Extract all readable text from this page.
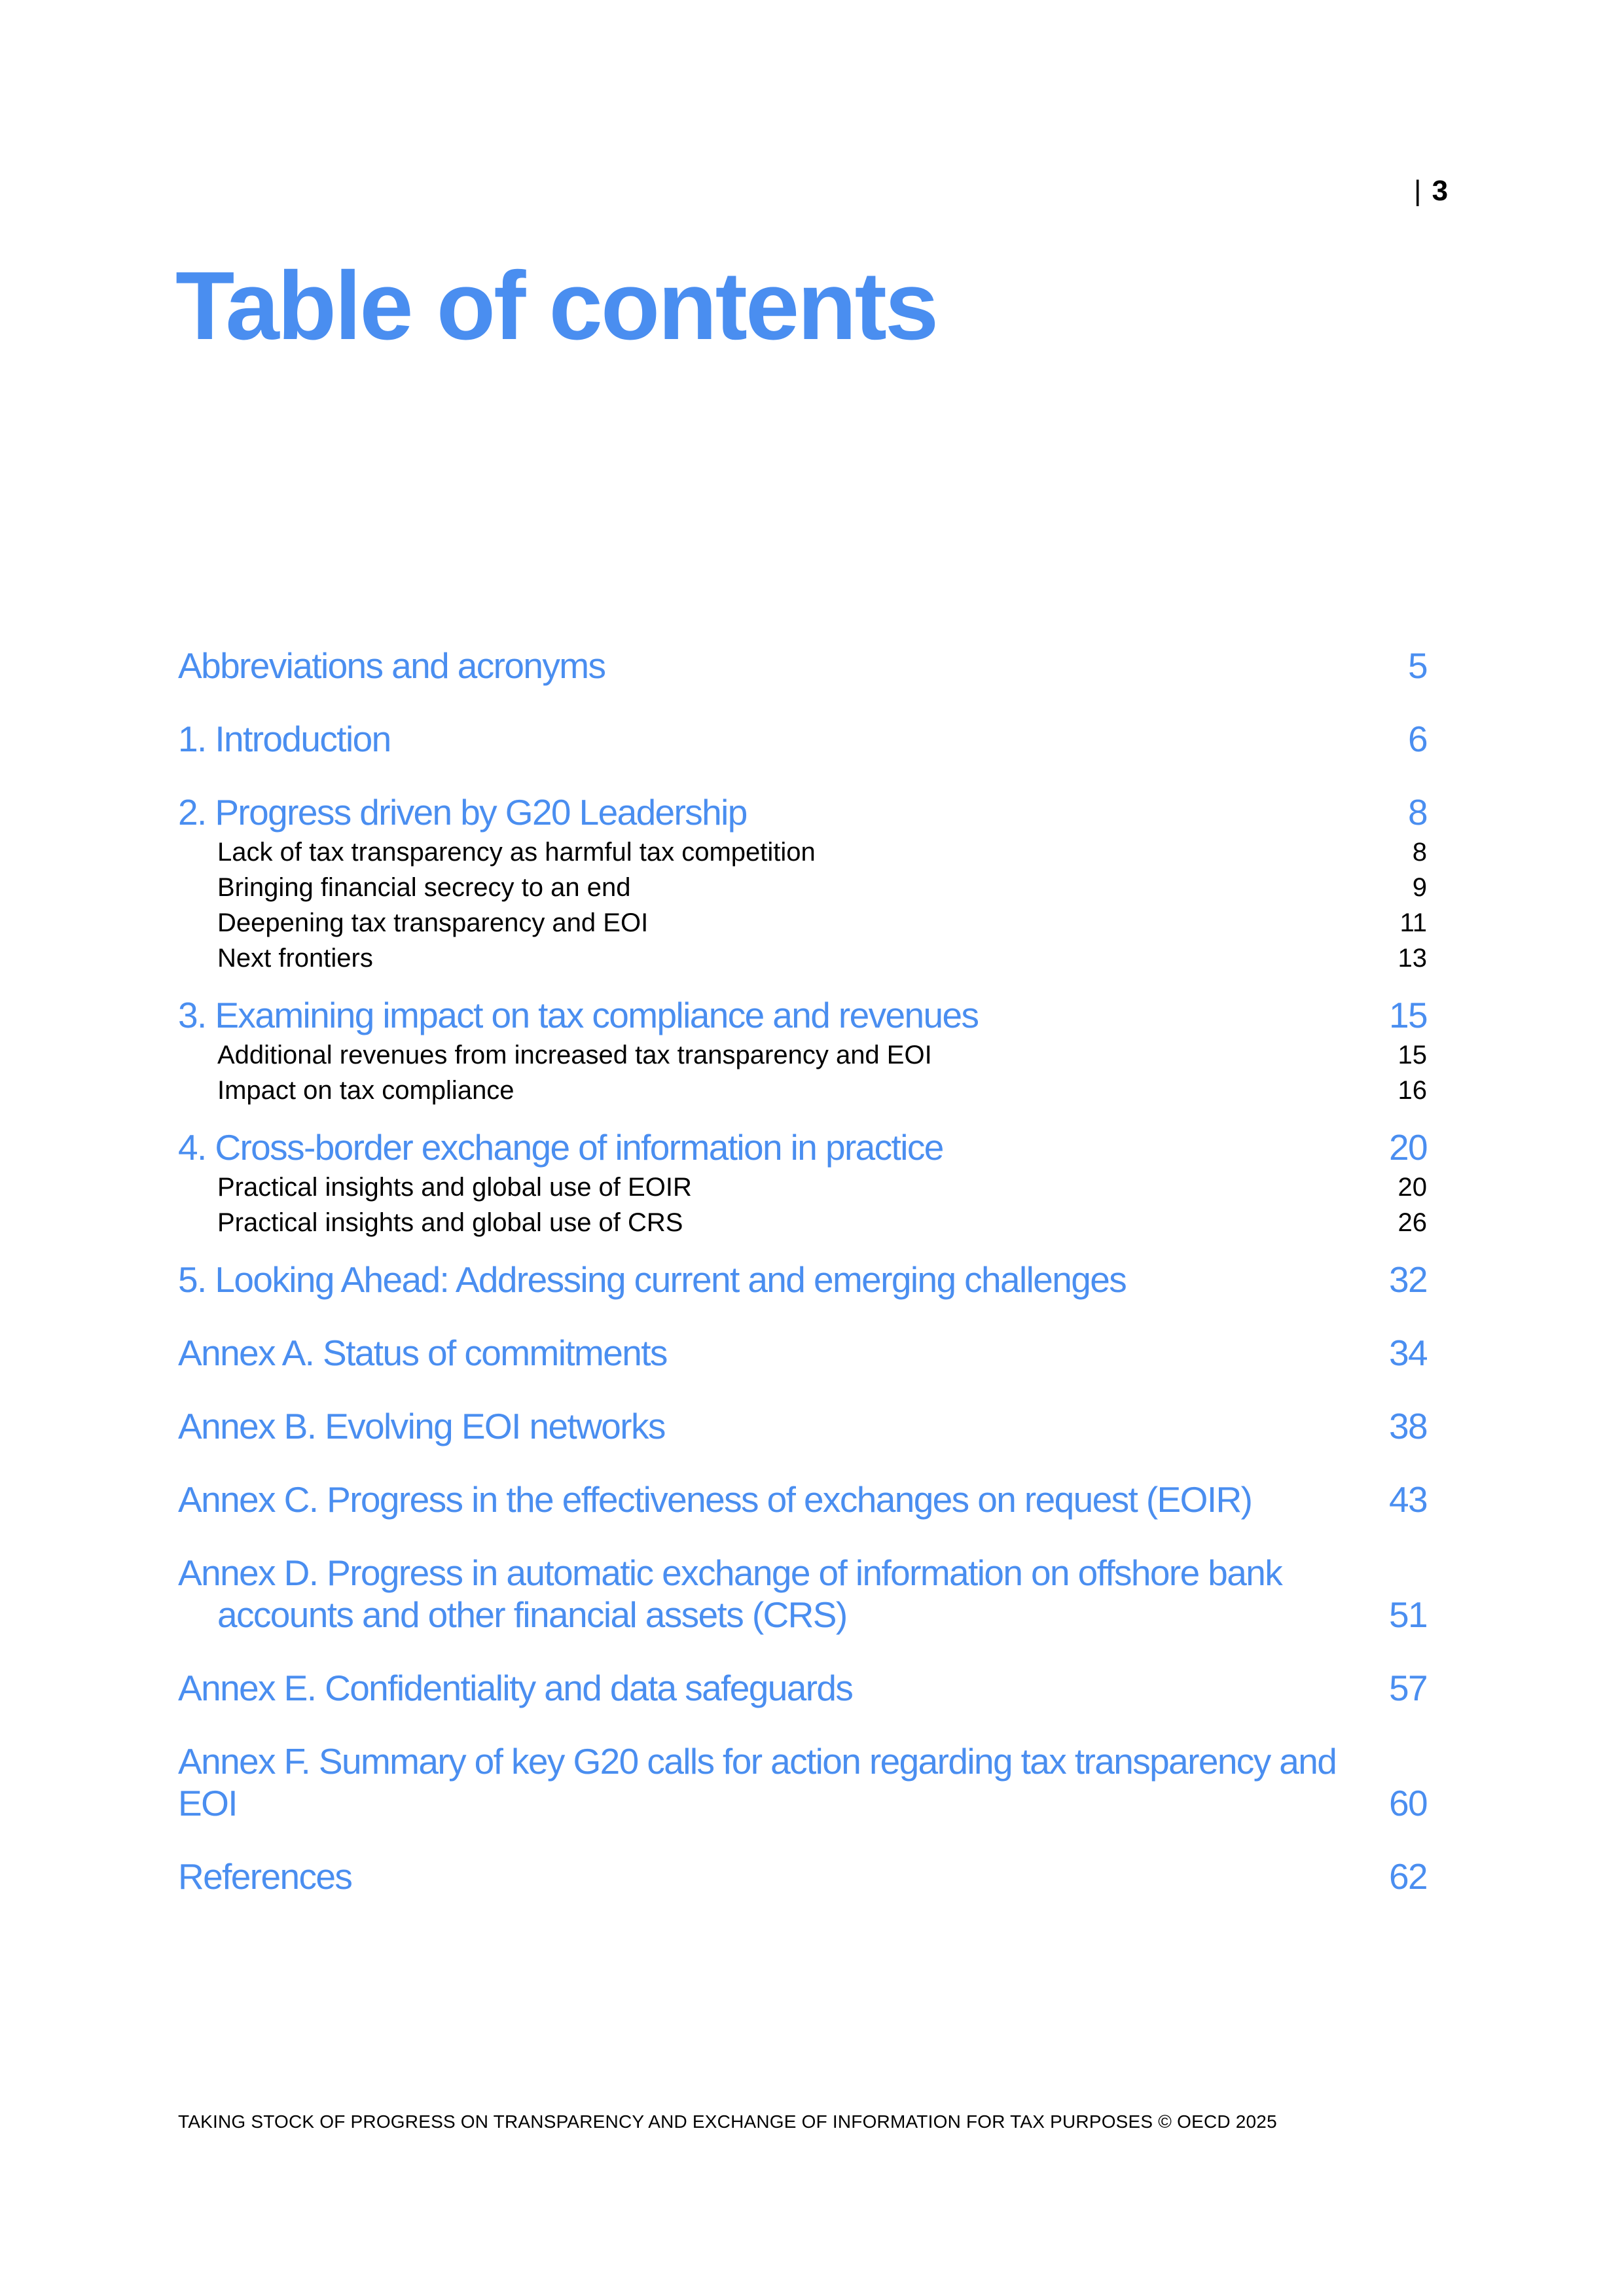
| 3
Table of contents
Abbreviations and acronyms	5
1. Introduction	6
2. Progress driven by G20 Leadership	8
Lack of tax transparency as harmful tax competition	8
Bringing financial secrecy to an end	9
Deepening tax transparency and EOI	11
Next frontiers	13
3. Examining impact on tax compliance and revenues	15
Additional revenues from increased tax transparency and EOI	15
Impact on tax compliance	16
4. Cross-border exchange of information in practice	20
Practical insights and global use of EOIR	20
Practical insights and global use of CRS	26
5. Looking Ahead: Addressing current and emerging challenges	32
Annex A. Status of commitments	34
Annex B. Evolving EOI networks	38
Annex C. Progress in the effectiveness of exchanges on request (EOIR)	43
Annex D. Progress in automatic exchange of information on offshore bank accounts and other financial assets (CRS)	51
Annex E. Confidentiality and data safeguards	57
Annex F. Summary of key G20 calls for action regarding tax transparency and EOI	60
References	62
TAKING STOCK OF PROGRESS ON TRANSPARENCY AND EXCHANGE OF INFORMATION FOR TAX PURPOSES © OECD 2025
